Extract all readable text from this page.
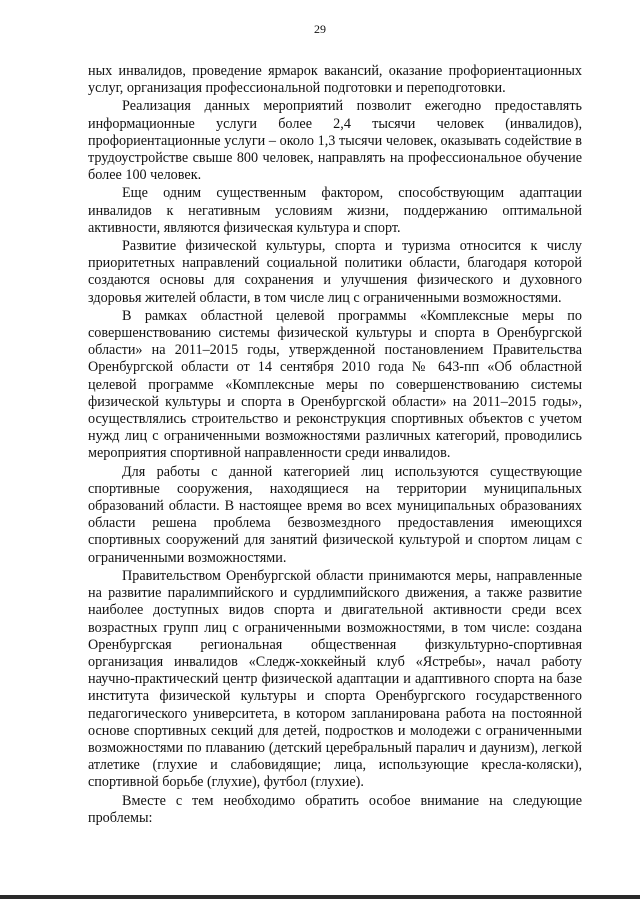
29

ных инвалидов, проведение ярмарок вакансий, оказание профориентационных услуг, организация профессиональной подготовки и переподготовки.

Реализация данных мероприятий позволит ежегодно предоставлять информационные услуги более 2,4 тысячи человек (инвалидов), профориентационные услуги – около 1,3 тысячи человек, оказывать содействие в трудоустройстве свыше 800 человек, направлять на профессиональное обучение более 100 человек.

Еще одним существенным фактором, способствующим адаптации инвалидов к негативным условиям жизни, поддержанию оптимальной активности, являются физическая культура и спорт.

Развитие физической культуры, спорта и туризма относится к числу приоритетных направлений социальной политики области, благодаря которой создаются основы для сохранения и улучшения физического и духовного здоровья жителей области, в том числе лиц с ограниченными возможностями.

В рамках областной целевой программы «Комплексные меры по совершенствованию системы физической культуры и спорта в Оренбургской области» на 2011–2015 годы, утвержденной постановлением Правительства Оренбургской области от 14 сентября 2010 года № 643-пп «Об областной целевой программе «Комплексные меры по совершенствованию системы физической культуры и спорта в Оренбургской области» на 2011–2015 годы», осуществлялись строительство и реконструкция спортивных объектов с учетом нужд лиц с ограниченными возможностями различных категорий, проводились мероприятия спортивной направленности среди инвалидов.

Для работы с данной категорией лиц используются существующие спортивные сооружения, находящиеся на территории муниципальных образований области. В настоящее время во всех муниципальных образованиях области решена проблема безвозмездного предоставления имеющихся спортивных сооружений для занятий физической культурой и спортом лицам с ограниченными возможностями.

Правительством Оренбургской области принимаются меры, направленные на развитие паралимпийского и сурдлимпийского движения, а также развитие наиболее доступных видов спорта и двигательной активности среди всех возрастных групп лиц с ограниченными возможностями, в том числе: создана Оренбургская региональная общественная физкультурно-спортивная организация инвалидов «Следж-хоккейный клуб «Ястребы», начал работу научно-практический центр физической адаптации и адаптивного спорта на базе института физической культуры и спорта Оренбургского государственного педагогического университета, в котором запланирована работа на постоянной основе спортивных секций для детей, подростков и молодежи с ограниченными возможностями по плаванию (детский церебральный паралич и даунизм), легкой атлетике (глухие и слабовидящие; лица, использующие кресла-коляски), спортивной борьбе (глухие), футбол (глухие).

Вместе с тем необходимо обратить особое внимание на следующие проблемы:
